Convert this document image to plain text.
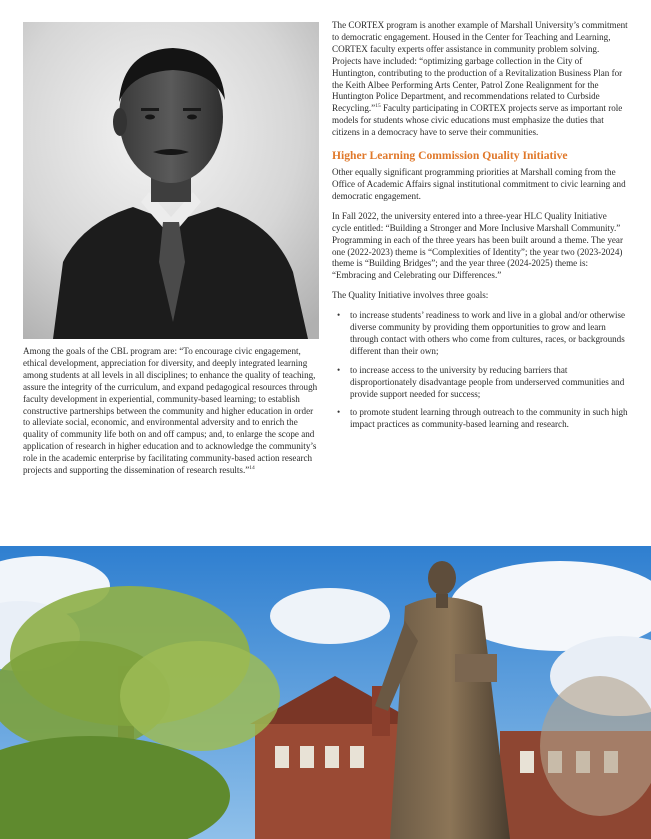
Among the goals of the CBL program are: “To encourage civic engagement, ethical development, appreciation for diversity, and deeply integrated learning among students at all levels in all disciplines; to enhance the quality of teaching, assure the integrity of the curriculum, and expand pedagogical resources through faculty development in experiential, community-based learning; to establish constructive partnerships between the community and higher education in order to alleviate social, economic, and environmental adversity and to enrich the quality of community life both on and off campus; and, to enlarge the scope and application of research in higher education and to acknowledge the community’s role in the academic enterprise by facilitating community-based action research projects and supporting the dissemination of research results.”$^{14}$

The CORTEX program is another example of Marshall University’s commitment to democratic engagement. Housed in the Center for Teaching and Learning, CORTEX faculty experts offer assistance in community problem solving. Projects have included: “optimizing garbage collection in the City of Huntington, contributing to the production of a Revitalization Business Plan for the Keith Albee Performing Arts Center, Patrol Zone Realignment for the Huntington Police Department, and recommendations related to Curbside Recycling.”$^{15}$ Faculty participating in CORTEX projects serve as important role models for students whose civic educations must emphasize the duties that citizens in a democracy have to serve their communities.

Higher Learning Commission Quality Initiative

Other equally significant programming priorities at Marshall coming from the Office of Academic Affairs signal institutional commitment to civic learning and democratic engagement.

In Fall 2022, the university entered into a three-year HLC Quality Initiative cycle entitled: “Building a Stronger and More Inclusive Marshall Community.” Programming in each of the three years has been built around a theme. The year one (2022-2023) theme is “Complexities of Identity”; the year two (2023-2024) theme is “Building Bridges”; and the year three (2024-2025) theme is: “Embracing and Celebrating our Differences.”

The Quality Initiative involves three goals:

• to increase students’ readiness to work and live in a global and/or otherwise diverse community by providing them opportunities to grow and learn through contact with others who come from cultures, races, or backgrounds different than their own;
• to increase access to the university by reducing barriers that disproportionately disadvantage people from underserved communities and provide support needed for success;
• to promote student learning through outreach to the community in such high impact practices as community-based learning and research.
